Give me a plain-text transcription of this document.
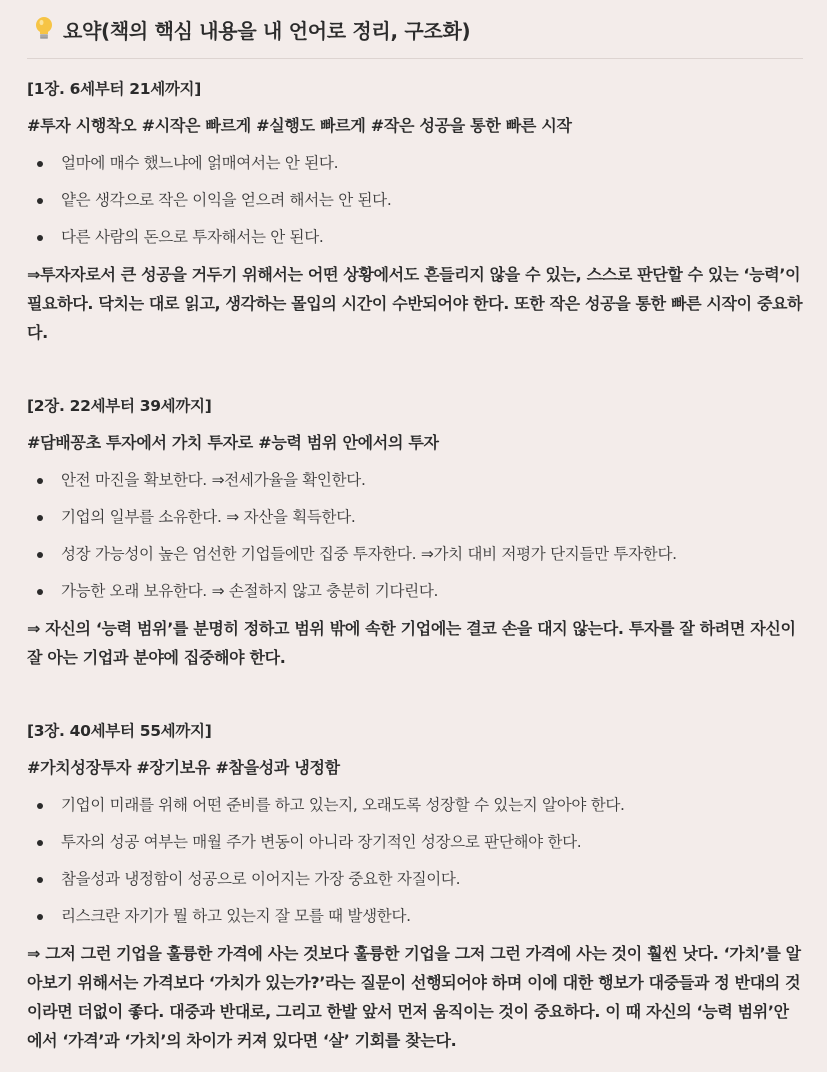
요약(책의 핵심 내용을 내 언어로 정리, 구조화)

[1장. 6세부터 21세까지]

#투자 시행착오 #시작은 빠르게 #실행도 빠르게 #작은 성공을 통한 빠른 시작

얼마에 매수 했느냐에 얽매여서는 안 된다.
얕은 생각으로 작은 이익을 얻으려 해서는 안 된다.
다른 사람의 돈으로 투자해서는 안 된다.

⇒투자자로서 큰 성공을 거두기 위해서는 어떤 상황에서도 흔들리지 않을 수 있는, 스스로 판단할 수 있는 ‘능력’이 필요하다. 닥치는 대로 읽고, 생각하는 몰입의 시간이 수반되어야 한다. 또한 작은 성공을 통한 빠른 시작이 중요하다.

[2장. 22세부터 39세까지]

#담배꽁초 투자에서 가치 투자로 #능력 범위 안에서의 투자

안전 마진을 확보한다. ⇒전세가율을 확인한다.
기업의 일부를 소유한다. ⇒ 자산을 획득한다.
성장 가능성이 높은 엄선한 기업들에만 집중 투자한다. ⇒가치 대비 저평가 단지들만 투자한다.
가능한 오래 보유한다. ⇒ 손절하지 않고 충분히 기다린다.

⇒ 자신의 ‘능력 범위’를 분명히 정하고 범위 밖에 속한 기업에는 결코 손을 대지 않는다. 투자를 잘 하려면 자신이 잘 아는 기업과 분야에 집중해야 한다.

[3장. 40세부터 55세까지]

#가치성장투자 #장기보유 #참을성과 냉정함

기업이 미래를 위해 어떤 준비를 하고 있는지, 오래도록 성장할 수 있는지 알아야 한다.
투자의 성공 여부는 매월 주가 변동이 아니라 장기적인 성장으로 판단해야 한다.
참을성과 냉정함이 성공으로 이어지는 가장 중요한 자질이다.
리스크란 자기가 뭘 하고 있는지 잘 모를 때 발생한다.

⇒ 그저 그런 기업을 훌륭한 가격에 사는 것보다 훌륭한 기업을 그저 그런 가격에 사는 것이 훨씬 낫다. ‘가치’를 알아보기 위해서는 가격보다 ‘가치가 있는가?’라는 질문이 선행되어야 하며 이에 대한 행보가 대중들과 정 반대의 것이라면 더없이 좋다. 대중과 반대로, 그리고 한발 앞서 먼저 움직이는 것이 중요하다. 이 때 자신의 ‘능력 범위’안에서 ‘가격’과 ‘가치’의 차이가 커져 있다면 ‘살’ 기회를 찾는다.
